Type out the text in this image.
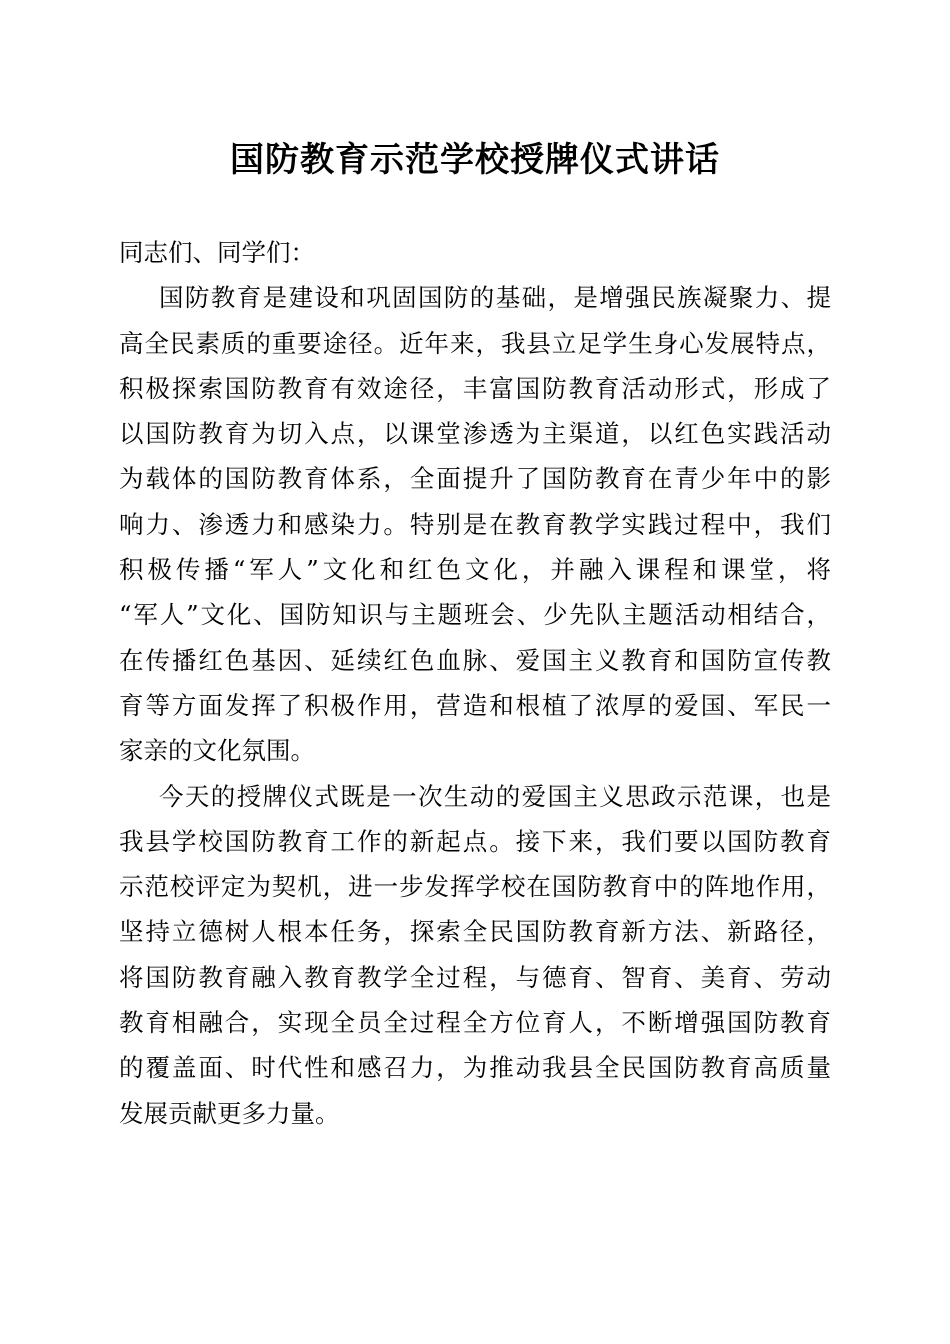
国防教育示范学校授牌仪式讲话
同志们、同学们：
国防教育是建设和巩固国防的基础，是增强民族凝聚力、提
高全民素质的重要途径。近年来，我县立足学生身心发展特点，
积极探索国防教育有效途径，丰富国防教育活动形式，形成了
以国防教育为切入点，以课堂渗透为主渠道，以红色实践活动
为载体的国防教育体系，全面提升了国防教育在青少年中的影
响力、渗透力和感染力。特别是在教育教学实践过程中，我们
积极传播“军人”文化和红色文化，并融入课程和课堂，将
“军人”文化、国防知识与主题班会、少先队主题活动相结合，
在传播红色基因、延续红色血脉、爱国主义教育和国防宣传教
育等方面发挥了积极作用，营造和根植了浓厚的爱国、军民一
家亲的文化氛围。
今天的授牌仪式既是一次生动的爱国主义思政示范课，也是
我县学校国防教育工作的新起点。接下来，我们要以国防教育
示范校评定为契机，进一步发挥学校在国防教育中的阵地作用，
坚持立德树人根本任务，探索全民国防教育新方法、新路径，
将国防教育融入教育教学全过程，与德育、智育、美育、劳动
教育相融合，实现全员全过程全方位育人，不断增强国防教育
的覆盖面、时代性和感召力，为推动我县全民国防教育高质量
发展贡献更多力量。
